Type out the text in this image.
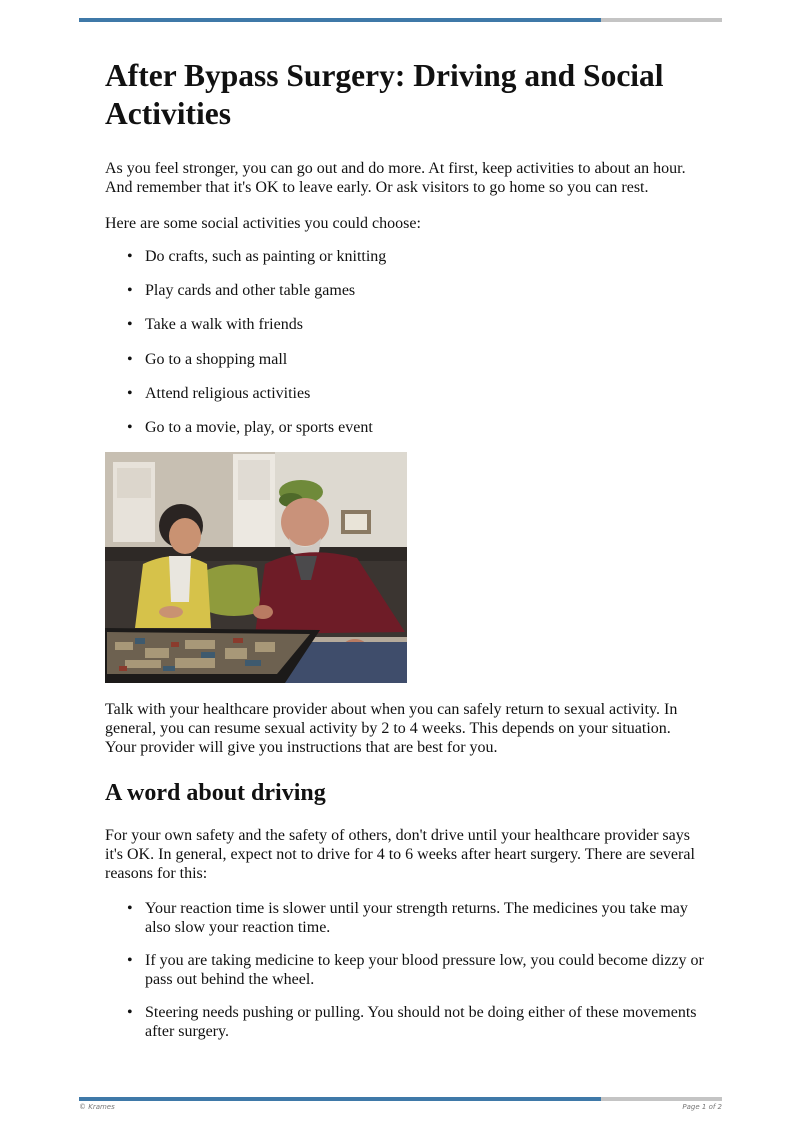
After Bypass Surgery: Driving and Social Activities

As you feel stronger, you can go out and do more. At first, keep activities to about an hour. And remember that it's OK to leave early. Or ask visitors to go home so you can rest.

Here are some social activities you could choose:

• Do crafts, such as painting or knitting
• Play cards and other table games
• Take a walk with friends
• Go to a shopping mall
• Attend religious activities
• Go to a movie, play, or sports event

Talk with your healthcare provider about when you can safely return to sexual activity. In general, you can resume sexual activity by 2 to 4 weeks. This depends on your situation. Your provider will give you instructions that are best for you.

A word about driving

For your own safety and the safety of others, don't drive until your healthcare provider says it's OK. In general, expect not to drive for 4 to 6 weeks after heart surgery. There are several reasons for this:

• Your reaction time is slower until your strength returns. The medicines you take may also slow your reaction time.
• If you are taking medicine to keep your blood pressure low, you could become dizzy or pass out behind the wheel.
• Steering needs pushing or pulling. You should not be doing either of these movements after surgery.
© Krames	Page 1 of 2
